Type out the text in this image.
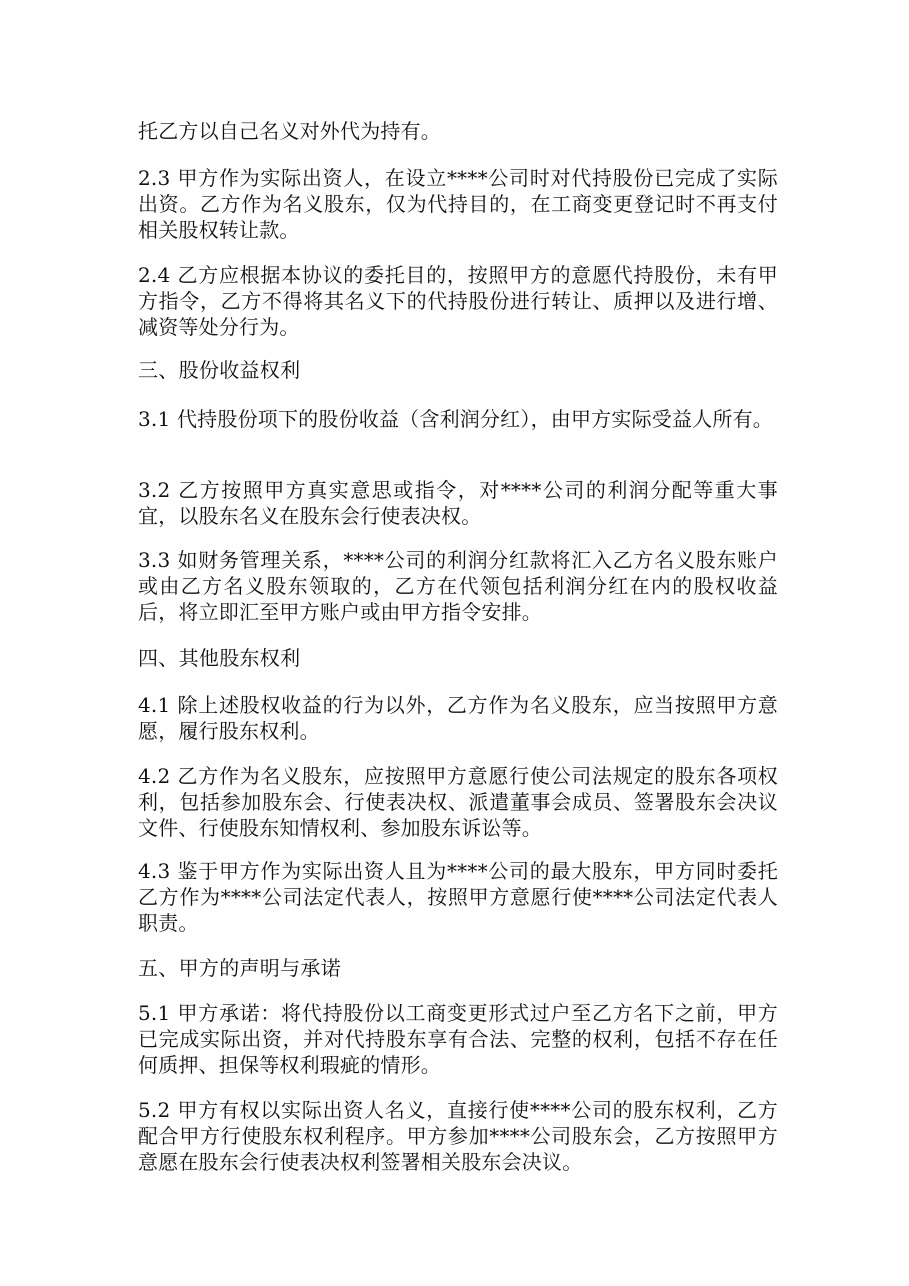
托乙方以自己名义对外代为持有。

2.3 甲方作为实际出资人，在设立****公司时对代持股份已完成了实际出资。乙方作为名义股东，仅为代持目的，在工商变更登记时不再支付相关股权转让款。

2.4 乙方应根据本协议的委托目的，按照甲方的意愿代持股份，未有甲方指令，乙方不得将其名义下的代持股份进行转让、质押以及进行增、减资等处分行为。

三、股份收益权利

3.1 代持股份项下的股份收益（含利润分红），由甲方实际受益人所有。

3.2 乙方按照甲方真实意思或指令，对****公司的利润分配等重大事宜，以股东名义在股东会行使表决权。

3.3 如财务管理关系，****公司的利润分红款将汇入乙方名义股东账户或由乙方名义股东领取的，乙方在代领包括利润分红在内的股权收益后，将立即汇至甲方账户或由甲方指令安排。

四、其他股东权利

4.1 除上述股权收益的行为以外，乙方作为名义股东，应当按照甲方意愿，履行股东权利。

4.2 乙方作为名义股东，应按照甲方意愿行使公司法规定的股东各项权利，包括参加股东会、行使表决权、派遣董事会成员、签署股东会决议文件、行使股东知情权利、参加股东诉讼等。

4.3 鉴于甲方作为实际出资人且为****公司的最大股东，甲方同时委托乙方作为****公司法定代表人，按照甲方意愿行使****公司法定代表人职责。

五、甲方的声明与承诺

5.1 甲方承诺：将代持股份以工商变更形式过户至乙方名下之前，甲方已完成实际出资，并对代持股东享有合法、完整的权利，包括不存在任何质押、担保等权利瑕疵的情形。

5.2 甲方有权以实际出资人名义，直接行使****公司的股东权利，乙方配合甲方行使股东权利程序。甲方参加****公司股东会，乙方按照甲方意愿在股东会行使表决权利签署相关股东会决议。
